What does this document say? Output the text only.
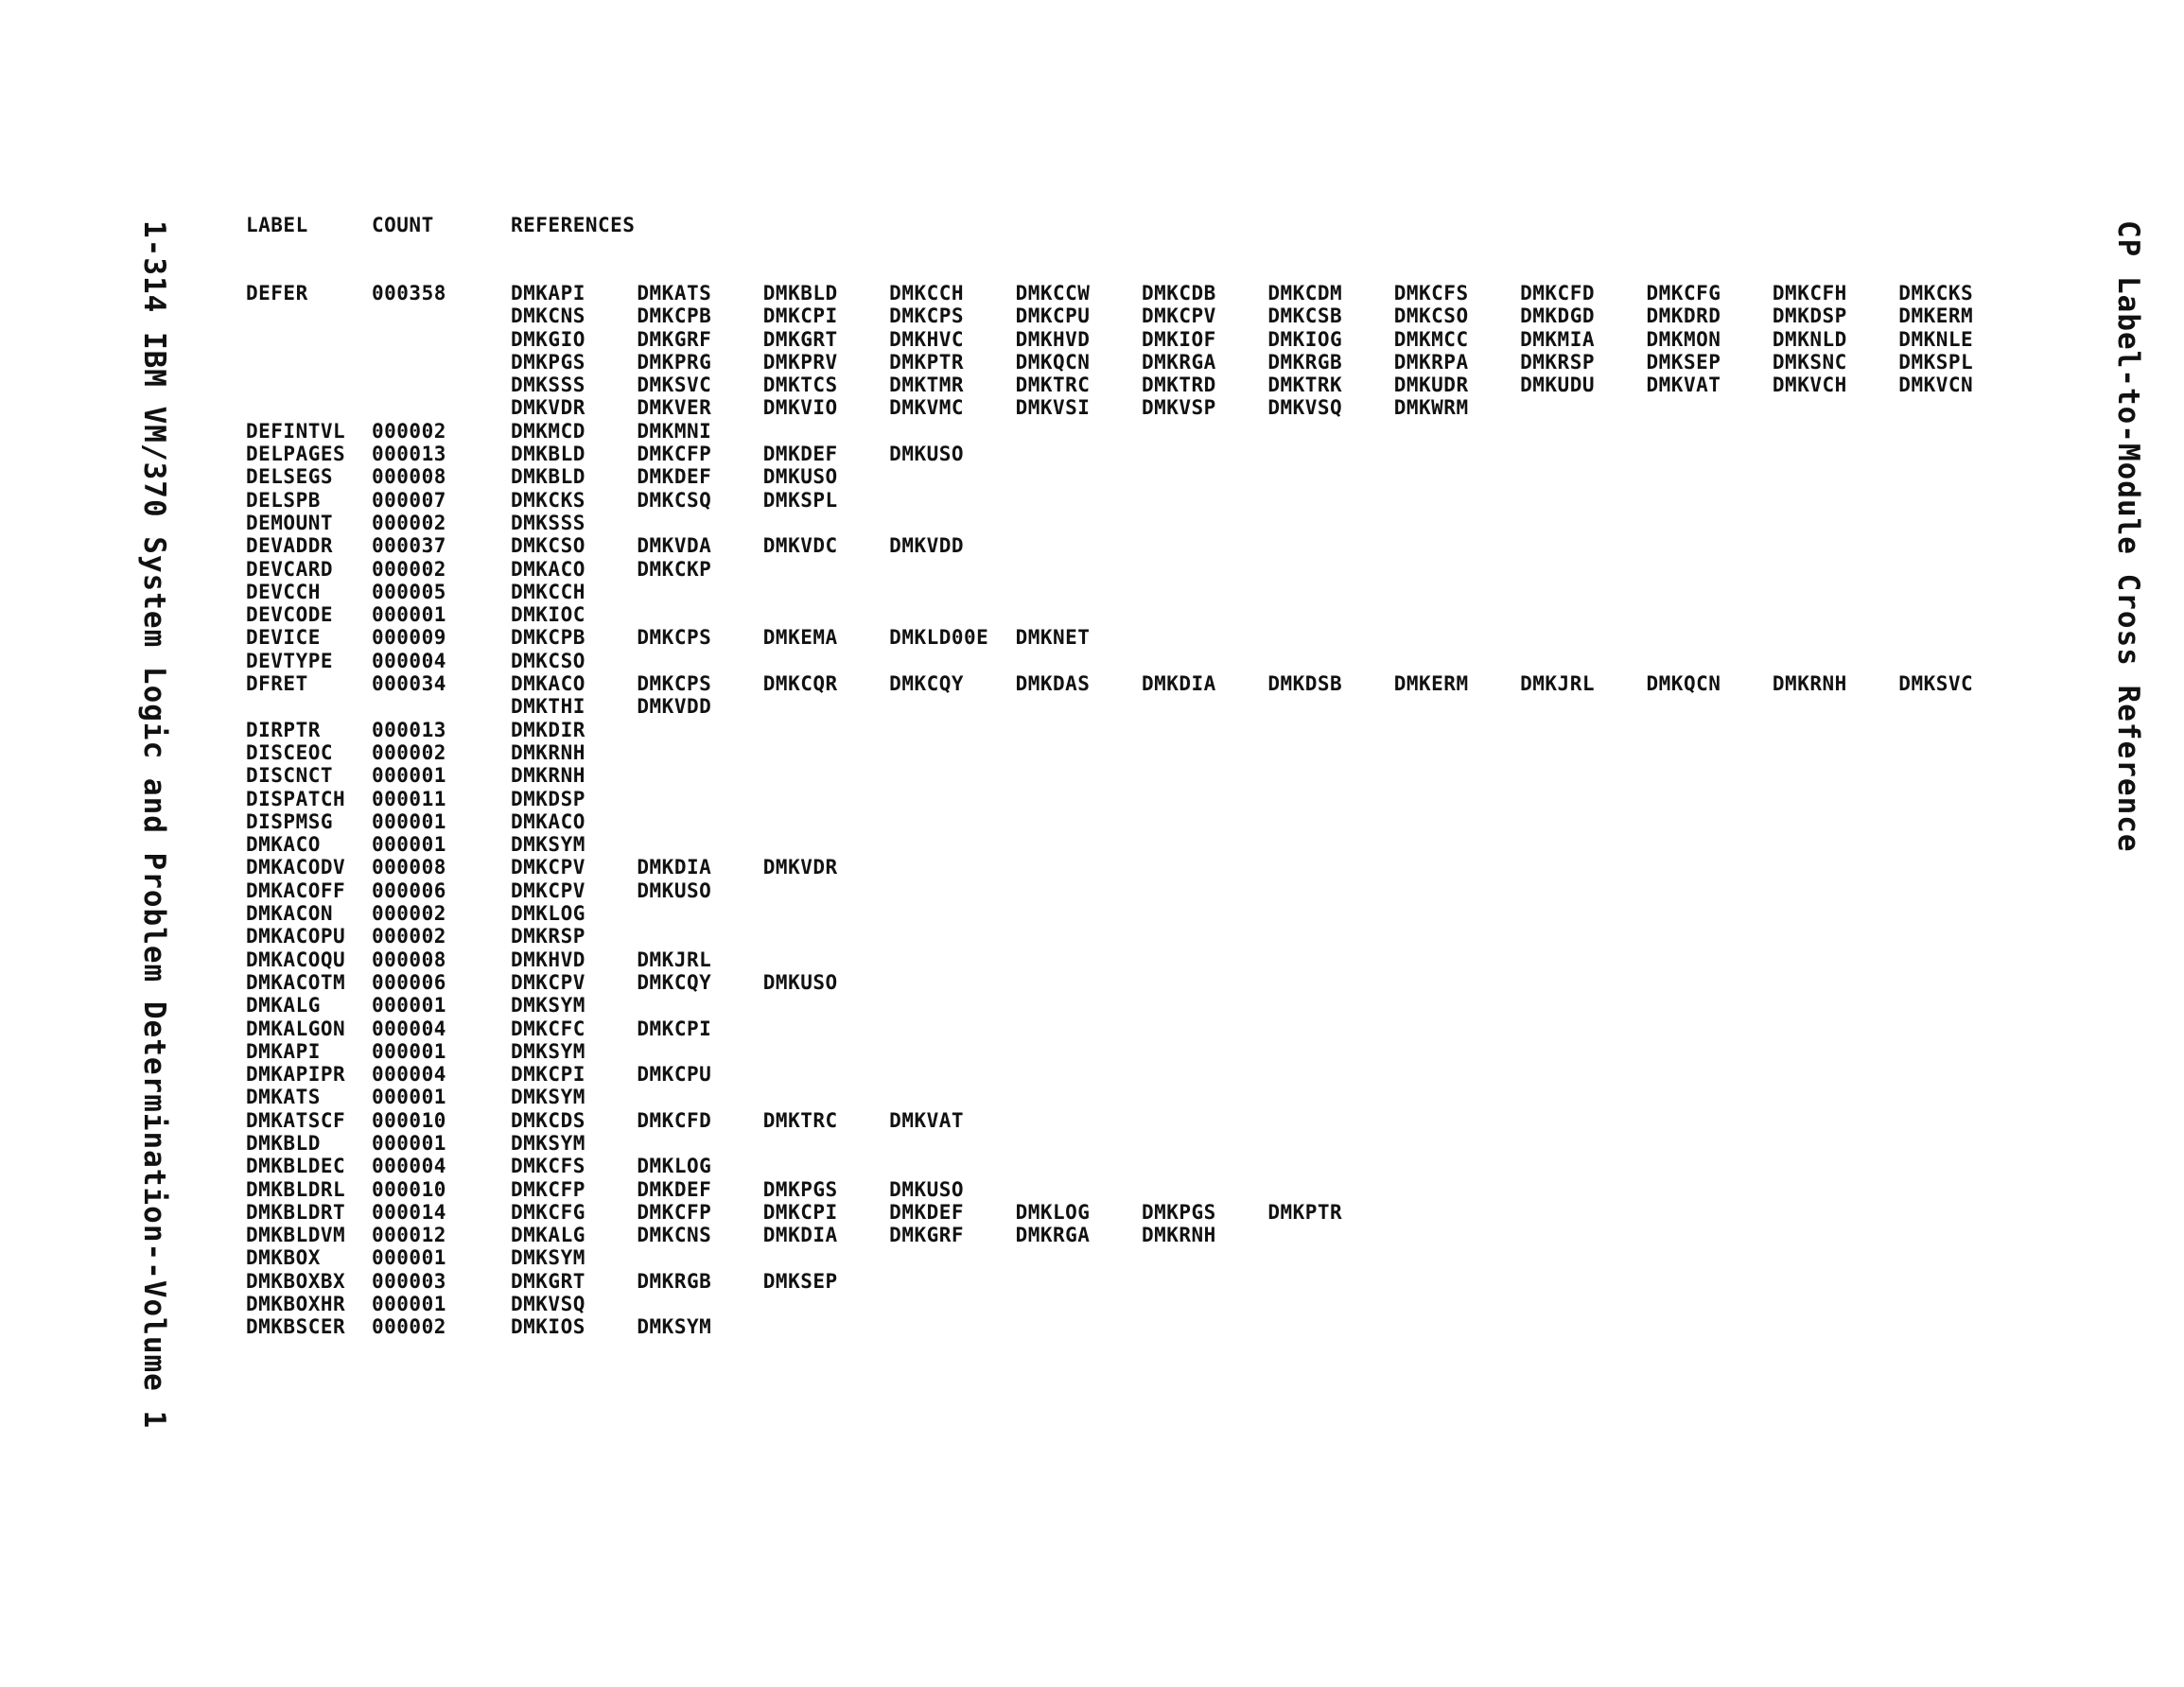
1-314 IBM VM/370 System Logic and Problem Determination--Volume 1	CP Label-to-Module Cross Reference
LABEL	COUNT	REFERENCES
DEFER	000358	DMKAPI	DMKATS	DMKBLD	DMKCCH	DMKCCW	DMKCDB	DMKCDM	DMKCFS	DMKCFD	DMKCFG	DMKCFH	DMKCKS
DMKCNS	DMKCPB	DMKCPI	DMKCPS	DMKCPU	DMKCPV	DMKCSB	DMKCSO	DMKDGD	DMKDRD	DMKDSP	DMKERM
DMKGIO	DMKGRF	DMKGRT	DMKHVC	DMKHVD	DMKIOF	DMKIOG	DMKMCC	DMKMIA	DMKMON	DMKNLD	DMKNLE
DMKPGS	DMKPRG	DMKPRV	DMKPTR	DMKQCN	DMKRGA	DMKRGB	DMKRPA	DMKRSP	DMKSEP	DMKSNC	DMKSPL
DMKSSS	DMKSVC	DMKTCS	DMKTMR	DMKTRC	DMKTRD	DMKTRK	DMKUDR	DMKUDU	DMKVAT	DMKVCH	DMKVCN
DMKVDR	DMKVER	DMKVIO	DMKVMC	DMKVSI	DMKVSP	DMKVSQ	DMKWRM
DEFINTVL	000002	DMKMCD	DMKMNI
DELPAGES	000013	DMKBLD	DMKCFP	DMKDEF	DMKUSO
DELSEGS	000008	DMKBLD	DMKDEF	DMKUSO
DELSPB	000007	DMKCKS	DMKCSQ	DMKSPL
DEMOUNT	000002	DMKSSS
DEVADDR	000037	DMKCSO	DMKVDA	DMKVDC	DMKVDD
DEVCARD	000002	DMKACO	DMKCKP
DEVCCH	000005	DMKCCH
DEVCODE	000001	DMKIOC
DEVICE	000009	DMKCPB	DMKCPS	DMKEMA	DMKLD00E	DMKNET
DEVTYPE	000004	DMKCSO
DFRET	000034	DMKACO	DMKCPS	DMKCQR	DMKCQY	DMKDAS	DMKDIA	DMKDSB	DMKERM	DMKJRL	DMKQCN	DMKRNH	DMKSVC
DMKTHI	DMKVDD
DIRPTR	000013	DMKDIR
DISCEOC	000002	DMKRNH
DISCNCT	000001	DMKRNH
DISPATCH	000011	DMKDSP
DISPMSG	000001	DMKACO
DMKACO	000001	DMKSYM
DMKACODV	000008	DMKCPV	DMKDIA	DMKVDR
DMKACOFF	000006	DMKCPV	DMKUSO
DMKACON	000002	DMKLOG
DMKACOPU	000002	DMKRSP
DMKACOQU	000008	DMKHVD	DMKJRL
DMKACOTM	000006	DMKCPV	DMKCQY	DMKUSO
DMKALG	000001	DMKSYM
DMKALGON	000004	DMKCFC	DMKCPI
DMKAPI	000001	DMKSYM
DMKAPIPR	000004	DMKCPI	DMKCPU
DMKATS	000001	DMKSYM
DMKATSCF	000010	DMKCDS	DMKCFD	DMKTRC	DMKVAT
DMKBLD	000001	DMKSYM
DMKBLDEC	000004	DMKCFS	DMKLOG
DMKBLDRL	000010	DMKCFP	DMKDEF	DMKPGS	DMKUSO
DMKBLDRT	000014	DMKCFG	DMKCFP	DMKCPI	DMKDEF	DMKLOG	DMKPGS	DMKPTR
DMKBLDVM	000012	DMKALG	DMKCNS	DMKDIA	DMKGRF	DMKRGA	DMKRNH
DMKBOX	000001	DMKSYM
DMKBOXBX	000003	DMKGRT	DMKRGB	DMKSEP
DMKBOXHR	000001	DMKVSQ
DMKBSCER	000002	DMKIOS	DMKSYM
